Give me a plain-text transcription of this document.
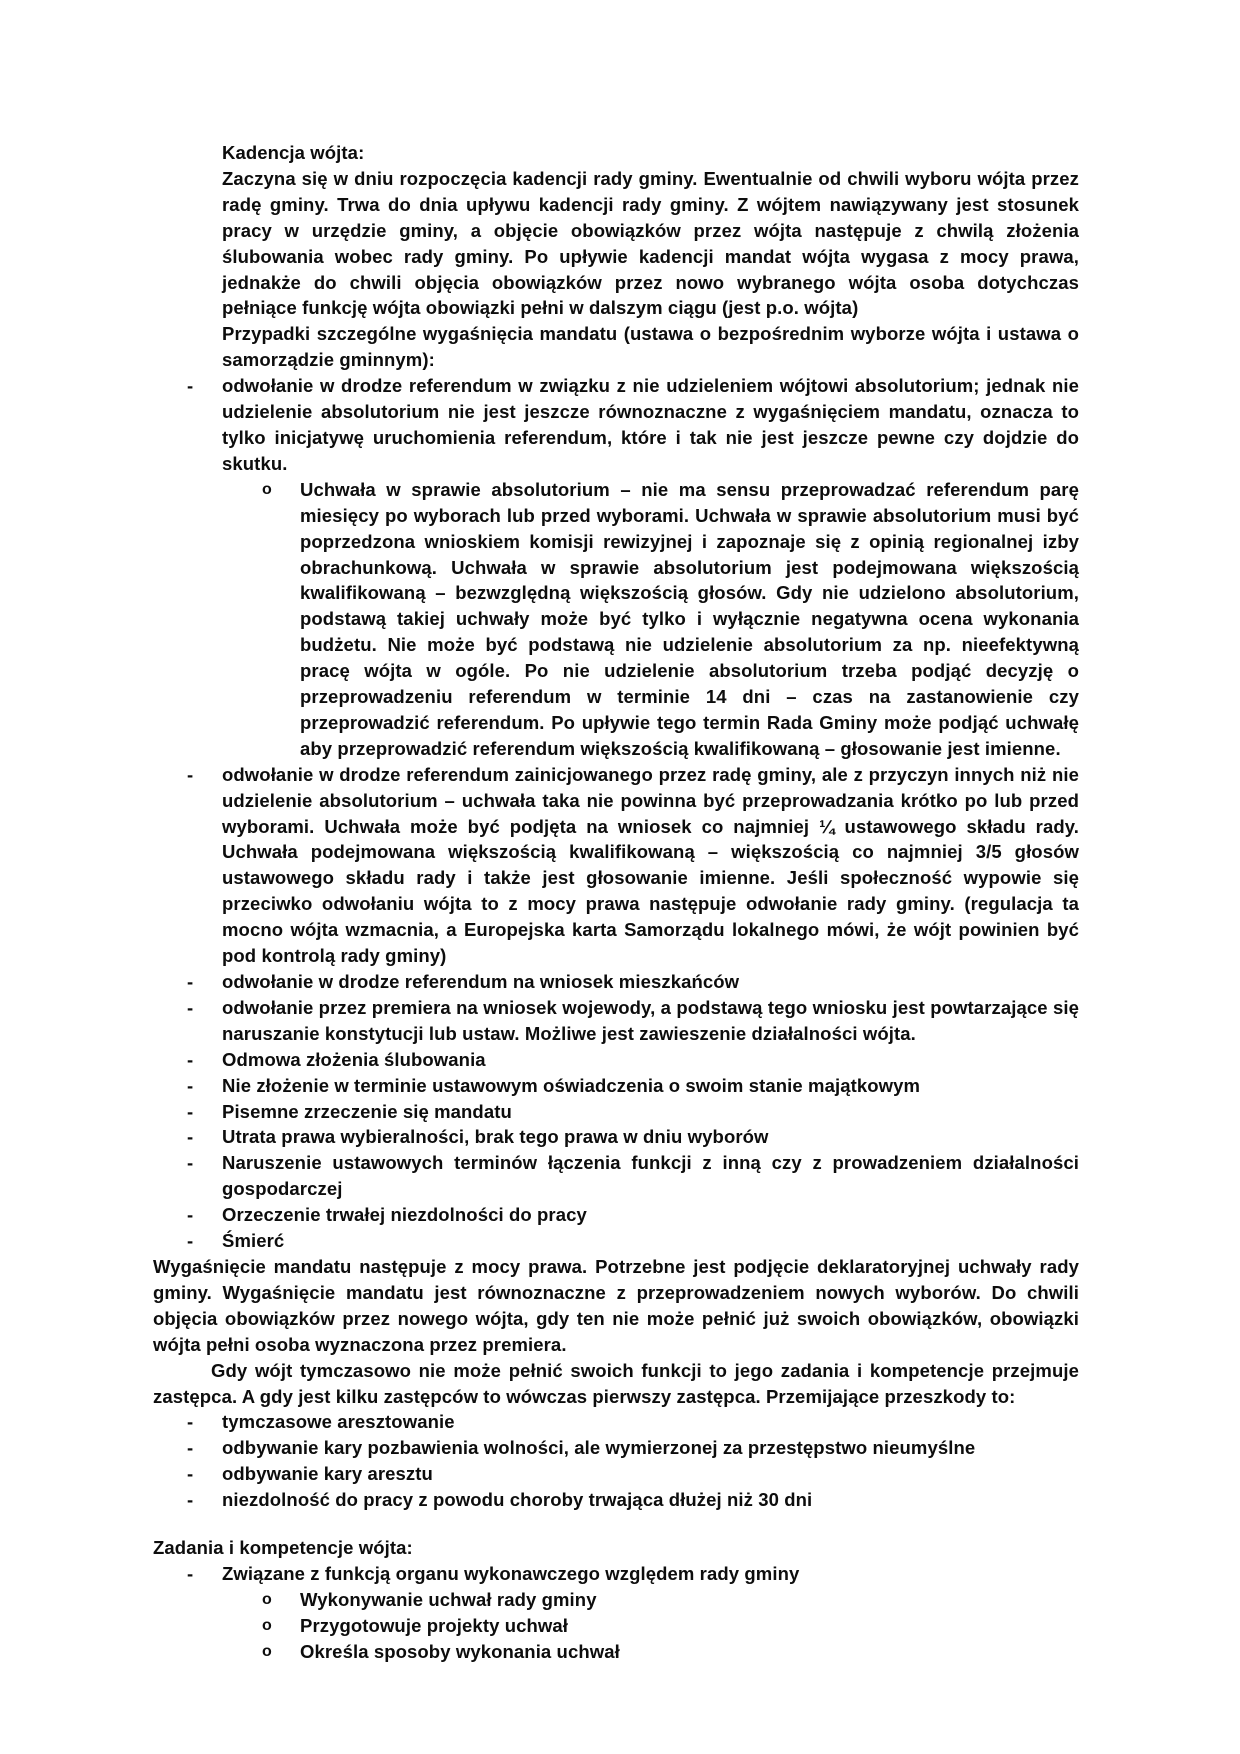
Kadencja wójta:

Zaczyna się w dniu rozpoczęcia kadencji rady gminy. Ewentualnie od chwili wyboru wójta przez radę gminy. Trwa do dnia upływu kadencji rady gminy. Z wójtem nawiązywany jest stosunek pracy w urzędzie gminy, a objęcie obowiązków przez wójta następuje z chwilą złożenia ślubowania wobec rady gminy. Po upływie kadencji mandat wójta wygasa z mocy prawa, jednakże do chwili objęcia obowiązków przez nowo wybranego wójta osoba dotychczas pełniące funkcję wójta obowiązki pełni w dalszym ciągu (jest p.o. wójta)

Przypadki szczególne wygaśnięcia mandatu (ustawa o bezpośrednim wyborze wójta i ustawa o samorządzie gminnym):

- odwołanie w drodze referendum w związku z nie udzieleniem wójtowi absolutorium; jednak nie udzielenie absolutorium nie jest jeszcze równoznaczne z wygaśnięciem mandatu, oznacza to tylko inicjatywę uruchomienia referendum, które i tak nie jest jeszcze pewne czy dojdzie do skutku.

o Uchwała w sprawie absolutorium – nie ma sensu przeprowadzać referendum parę miesięcy po wyborach lub przed wyborami. Uchwała w sprawie absolutorium musi być poprzedzona wnioskiem komisji rewizyjnej i zapoznaje się z opinią regionalnej izby obrachunkową. Uchwała w sprawie absolutorium jest podejmowana większością kwalifikowaną – bezwzględną większością głosów. Gdy nie udzielono absolutorium, podstawą takiej uchwały może być tylko i wyłącznie negatywna ocena wykonania budżetu. Nie może być podstawą nie udzielenie absolutorium za np. nieefektywną pracę wójta w ogóle. Po nie udzielenie absolutorium trzeba podjąć decyzję o przeprowadzeniu referendum w terminie 14 dni – czas na zastanowienie czy przeprowadzić referendum. Po upływie tego termin Rada Gminy może podjąć uchwałę aby przeprowadzić referendum większością kwalifikowaną – głosowanie jest imienne.

- odwołanie w drodze referendum zainicjowanego przez radę gminy, ale z przyczyn innych niż nie udzielenie absolutorium – uchwała taka nie powinna być przeprowadzania krótko po lub przed wyborami. Uchwała może być podjęta na wniosek co najmniej ¼ ustawowego składu rady. Uchwała podejmowana większością kwalifikowaną – większością co najmniej 3/5 głosów ustawowego składu rady i także jest głosowanie imienne. Jeśli społeczność wypowie się przeciwko odwołaniu wójta to z mocy prawa następuje odwołanie rady gminy. (regulacja ta mocno wójta wzmacnia, a Europejska karta Samorządu lokalnego mówi, że wójt powinien być pod kontrolą rady gminy)

- odwołanie w drodze referendum na wniosek mieszkańców

- odwołanie przez premiera na wniosek wojewody, a podstawą tego wniosku jest powtarzające się naruszanie konstytucji lub ustaw. Możliwe jest zawieszenie działalności wójta.

- Odmowa złożenia ślubowania

- Nie złożenie w terminie ustawowym oświadczenia o swoim stanie majątkowym

- Pisemne zrzeczenie się mandatu

- Utrata prawa wybieralności, brak tego prawa w dniu wyborów

- Naruszenie ustawowych terminów łączenia funkcji z inną czy z prowadzeniem działalności gospodarczej

- Orzeczenie trwałej niezdolności do pracy

- Śmierć

Wygaśnięcie mandatu następuje z mocy prawa. Potrzebne jest podjęcie deklaratoryjnej uchwały rady gminy. Wygaśnięcie mandatu jest równoznaczne z przeprowadzeniem nowych wyborów. Do chwili objęcia obowiązków przez nowego wójta, gdy ten nie może pełnić już swoich obowiązków, obowiązki wójta pełni osoba wyznaczona przez premiera.

Gdy wójt tymczasowo nie może pełnić swoich funkcji to jego zadania i kompetencje przejmuje zastępca. A gdy jest kilku zastępców to wówczas pierwszy zastępca. Przemijające przeszkody to:

- tymczasowe aresztowanie

- odbywanie kary pozbawienia wolności, ale wymierzonej za przestępstwo nieumyślne

- odbywanie kary aresztu

- niezdolność do pracy z powodu choroby trwająca dłużej niż 30 dni

Zadania i kompetencje wójta:

- Związane z funkcją organu wykonawczego względem rady gminy

o Wykonywanie uchwał rady gminy

o Przygotowuje projekty uchwał

o Określa sposoby wykonania uchwał
